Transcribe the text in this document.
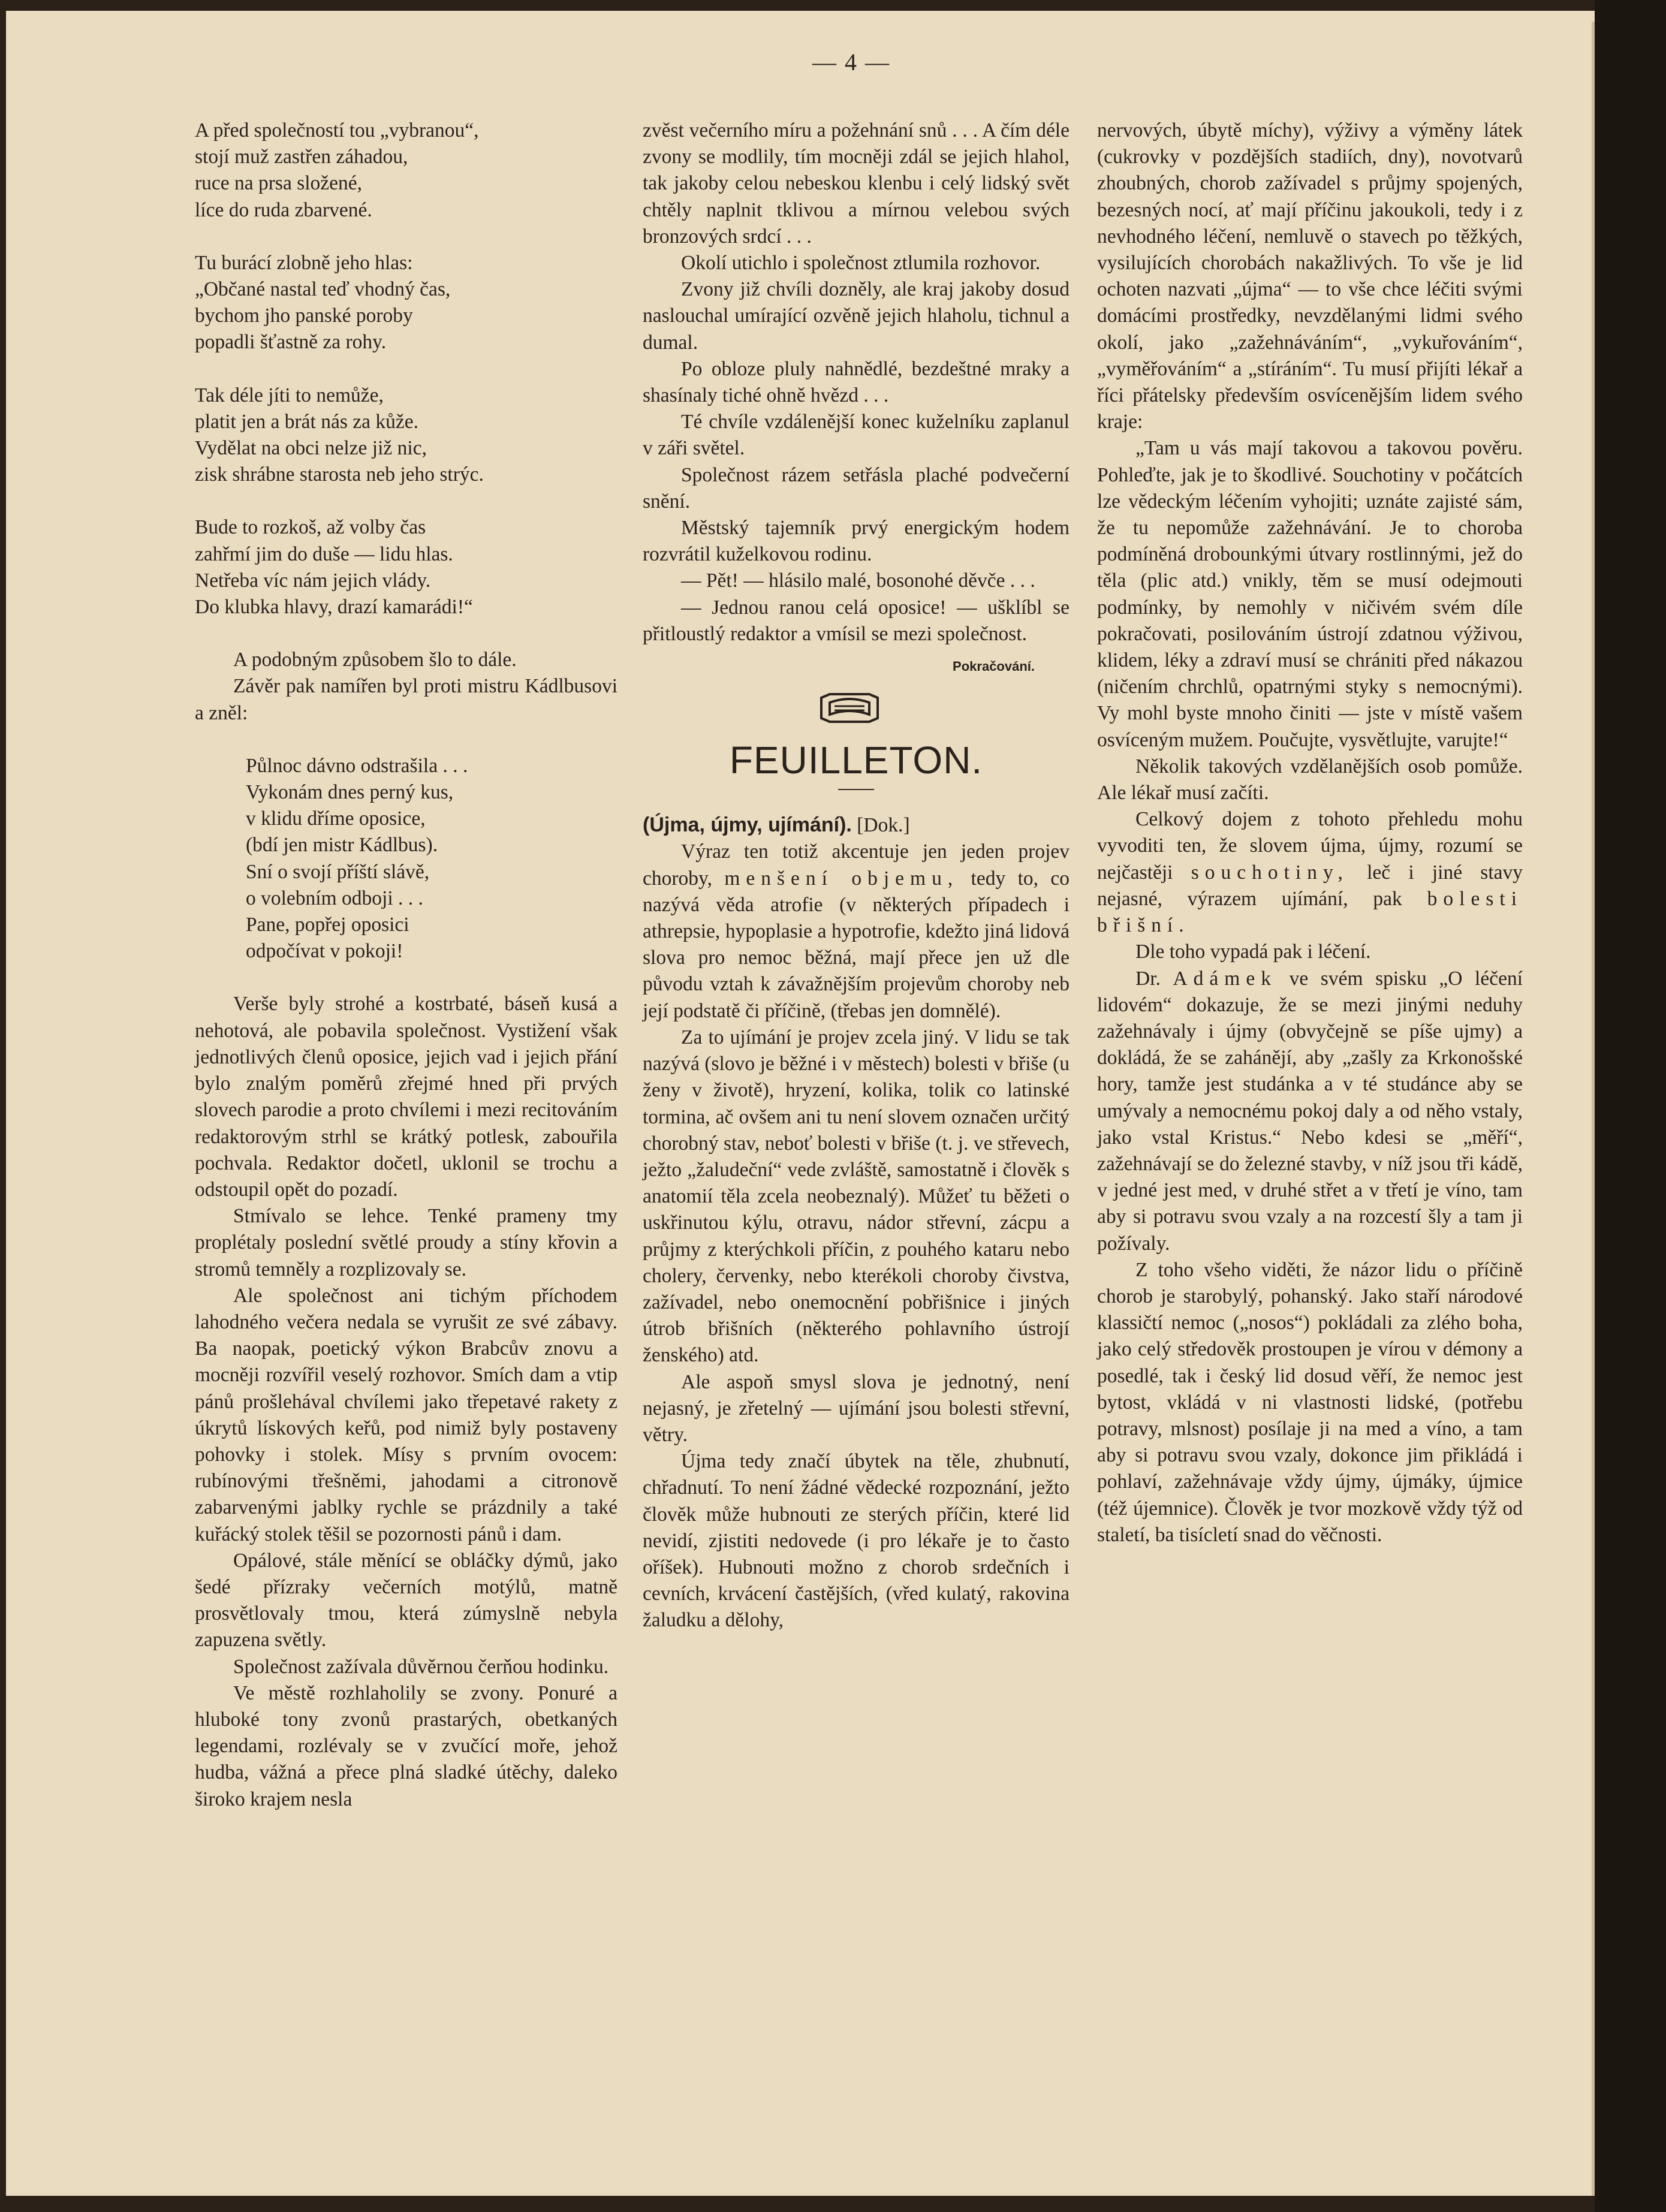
— 4 —
A před společností tou „vybranou“,
stojí muž zastřen záhadou,
ruce na prsa složené,
líce do ruda zbarvené.
Tu burácí zlobně jeho hlas:
„Občané nastal teď vhodný čas,
bychom jho panské poroby
popadli šťastně za rohy.
Tak déle jíti to nemůže,
platit jen a brát nás za kůže.
Vydělat na obci nelze již nic,
zisk shrábne starosta neb jeho strýc.
Bude to rozkoš, až volby čas
zahřmí jim do duše — lidu hlas.
Netřeba víc nám jejich vlády.
Do klubka hlavy, drazí kamarádi!“

A podobným způsobem šlo to dále.

Závěr pak namířen byl proti mistru Kádlbusovi a zněl:

Půlnoc dávno odstrašila . . .
Vykonám dnes perný kus,
v klidu dříme oposice,
(bdí jen mistr Kádlbus).
Sní o svojí příští slávě,
o volebním odboji . . .
Pane, popřej oposici
odpočívat v pokoji!

Verše byly strohé a kostrbaté, báseň kusá a nehotová, ale pobavila společnost. Vystižení však jednotlivých členů oposice, jejich vad i jejich přání bylo znalým poměrů zřejmé hned při prvých slovech parodie a proto chvílemi i mezi recitováním redaktorovým strhl se krátký potlesk, zabouřila pochvala. Redaktor dočetl, uklonil se trochu a odstoupil opět do pozadí.

Stmívalo se lehce. Tenké prameny tmy proplétaly poslední světlé proudy a stíny křovin a stromů temněly a rozplizovaly se.

Ale společnost ani tichým příchodem lahodného večera nedala se vyrušit ze své zábavy. Ba naopak, poetický výkon Brabcův znovu a mocněji rozvířil veselý rozhovor. Smích dam a vtip pánů prošlehával chvílemi jako třepetavé rakety z úkrytů lískových keřů, pod nimiž byly postaveny pohovky i stolek. Mísy s prvním ovocem: rubínovými třešněmi, jahodami a citronově zabarvenými jablky rychle se prázdnily a také kuřácký stolek těšil se pozornosti pánů i dam.

Opálové, stále měnící se obláčky dýmů, jako šedé přízraky večerních motýlů, matně prosvětlovaly tmou, která zúmyslně nebyla zapuzena světly.

Společnost zažívala důvěrnou čerňou hodinku.

Ve městě rozhlaholily se zvony. Ponuré a hluboké tony zvonů prastarých, obetkaných legendami, rozlévaly se v zvučící moře, jehož hudba, vážná a přece plná sladké útěchy, daleko široko krajem nesla

zvěst večerního míru a požehnání snů . . . A čím déle zvony se modlily, tím mocněji zdál se jejich hlahol, tak jakoby celou nebeskou klenbu i celý lidský svět chtěly naplnit tklivou a mírnou velebou svých bronzových srdcí . . .

Okolí utichlo i společnost ztlumila rozhovor.

Zvony již chvíli dozněly, ale kraj jakoby dosud naslouchal umírající ozvěně jejich hlaholu, tichnul a dumal.

Po obloze pluly nahnědlé, bezdeštné mraky a shasínaly tiché ohně hvězd . . .

Té chvíle vzdálenější konec kuželníku zaplanul v záři světel.

Společnost rázem setřásla plaché podvečerní snění.

Městský tajemník prvý energickým hodem rozvrátil kuželkovou rodinu.

— Pět! — hlásilo malé, bosonohé děvče . . .

— Jednou ranou celá oposice! — ušklíbl se přitloustlý redaktor a vmísil se mezi společnost.

Pokračování.
FEUILLETON.

(Újma, újmy, ujímání). [Dok.]

Výraz ten totiž akcentuje jen jeden projev choroby, menšení objemu, tedy to, co nazývá věda atrofie (v některých případech i athrepsie, hypoplasie a hypotrofie, kdežto jiná lidová slova pro nemoc běžná, mají přece jen už dle původu vztah k závažnějším projevům choroby neb její podstatě či příčině, (třebas jen domnělé).

Za to ujímání je projev zcela jiný. V lidu se tak nazývá (slovo je běžné i v městech) bolesti v břiše (u ženy v životě), hryzení, kolika, tolik co latinské tormina, ač ovšem ani tu není slovem označen určitý chorobný stav, neboť bolesti v břiše (t. j. ve střevech, ježto „žaludeční“ vede zvláště, samostatně i člověk s anatomií těla zcela neobeznalý). Můžeť tu běžeti o uskřinutou kýlu, otravu, nádor střevní, zácpu a průjmy z kterýchkoli příčin, z pouhého kataru nebo cholery, červenky, nebo kterékoli choroby čivstva, zažívadel, nebo onemocnění pobřišnice i jiných útrob břišních (některého pohlavního ústrojí ženského) atd.

Ale aspoň smysl slova je jednotný, není nejasný, je zřetelný — ujímání jsou bolesti střevní, větry.

Újma tedy značí úbytek na těle, zhubnutí, chřadnutí. To není žádné vědecké rozpoznání, ježto člověk může hubnouti ze sterých příčin, které lid nevidí, zjistiti nedovede (i pro lékaře je to často oříšek). Hubnouti možno z chorob srdečních i cevních, krvácení častějších, (vřed kulatý, rakovina žaludku a dělohy,

nervových, úbytě míchy), výživy a výměny látek (cukrovky v pozdějších stadiích, dny), novotvarů zhoubných, chorob zažívadel s průjmy spojených, bezesných nocí, ať mají příčinu jakoukoli, tedy i z nevhodného léčení, nemluvě o stavech po těžkých, vysilujících chorobách nakažlivých. To vše je lid ochoten nazvati „újma“ — to vše chce léčiti svými domácími prostředky, nevzdělanými lidmi svého okolí, jako „zažehnáváním“, „vykuřováním“, „vyměřováním“ a „stíráním“. Tu musí přijíti lékař a říci přátelsky především osvícenějším lidem svého kraje:

„Tam u vás mají takovou a takovou pověru. Pohleďte, jak je to škodlivé. Souchotiny v počátcích lze vědeckým léčením vyhojiti; uznáte zajisté sám, že tu nepomůže zažehnávání. Je to choroba podmíněná drobounkými útvary rostlinnými, jež do těla (plic atd.) vnikly, těm se musí odejmouti podmínky, by nemohly v ničivém svém díle pokračovati, posilováním ústrojí zdatnou výživou, klidem, léky a zdraví musí se chrániti před nákazou (ničením chrchlů, opatrnými styky s nemocnými). Vy mohl byste mnoho činiti — jste v místě vašem osvíceným mužem. Poučujte, vysvětlujte, varujte!“

Několik takových vzdělanějších osob pomůže. Ale lékař musí začíti.

Celkový dojem z tohoto přehledu mohu vyvoditi ten, že slovem újma, újmy, rozumí se nejčastěji souchotiny, leč i jiné stavy nejasné, výrazem ujímání, pak bolesti břišní.

Dle toho vypadá pak i léčení.

Dr. Adámek ve svém spisku „O léčení lidovém“ dokazuje, že se mezi jinými neduhy zažehnávaly i újmy (obvyčejně se píše ujmy) a dokládá, že se zahánějí, aby „zašly za Krkonošské hory, tamže jest studánka a v té studánce aby se umývaly a nemocnému pokoj daly a od něho vstaly, jako vstal Kristus.“ Nebo kdesi se „měří“, zažehnávají se do železné stavby, v níž jsou tři kádě, v jedné jest med, v druhé střet a v třetí je víno, tam aby si potravu svou vzaly a na rozcestí šly a tam ji požívaly.

Z toho všeho viděti, že názor lidu o příčině chorob je starobylý, pohanský. Jako staří národové klassičtí nemoc („nosos“) pokládali za zlého boha, jako celý středověk prostoupen je vírou v démony a posedlé, tak i český lid dosud věří, že nemoc jest bytost, vkládá v ni vlastnosti lidské, (potřebu potravy, mlsnost) posílaje ji na med a víno, a tam aby si potravu svou vzaly, dokonce jim přikládá i pohlaví, zažehnávaje vždy újmy, újmáky, újmice (též újemnice). Člověk je tvor mozkově vždy týž od staletí, ba tisícletí snad do věčnosti.
